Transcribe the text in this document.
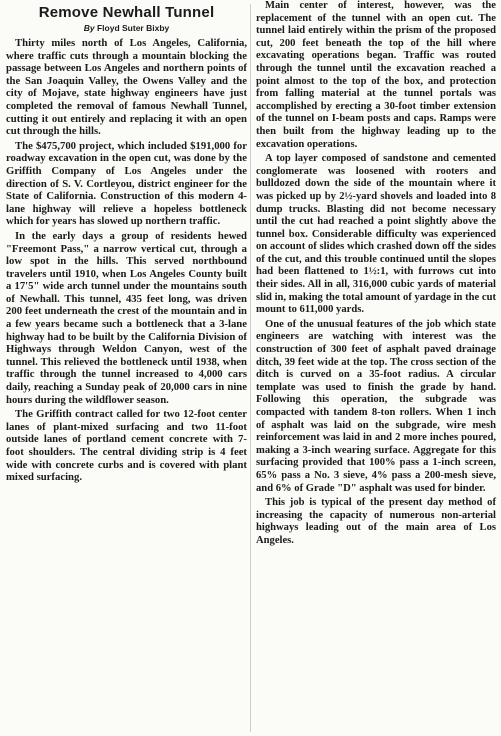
Remove Newhall Tunnel
By Floyd Suter Bixby

Thirty miles north of Los Angeles, California, where traffic cuts through a mountain blocking the passage between Los Angeles and northern points of the San Joaquin Valley, the Owens Valley and the city of Mojave, state highway engineers have just completed the removal of famous Newhall Tunnel, cutting it out entirely and replacing it with an open cut through the hills.

The $475,700 project, which included $191,000 for roadway excavation in the open cut, was done by the Griffith Company of Los Angeles under the direction of S. V. Cortleyou, district engineer for the State of California. Construction of this modern 4-lane highway will relieve a hopeless bottleneck which for years has slowed up northern traffic.

In the early days a group of residents hewed "Freemont Pass," a narrow vertical cut, through a low spot in the hills. This served northbound travelers until 1910, when Los Angeles County built a 17'5" wide arch tunnel under the mountains south of Newhall. This tunnel, 435 feet long, was driven 200 feet underneath the crest of the mountain and in a few years became such a bottleneck that a 3-lane highway had to be built by the California Division of Highways through Weldon Canyon, west of the tunnel. This relieved the bottleneck until 1938, when traffic through the tunnel increased to 4,000 cars daily, reaching a Sunday peak of 20,000 cars in nine hours during the wildflower season.

The Griffith contract called for two 12-foot center lanes of plant-mixed surfacing and two 11-foot outside lanes of portland cement concrete with 7-foot shoulders. The central dividing strip is 4 feet wide with concrete curbs and is covered with plant mixed surfacing.

Main center of interest, however, was the replacement of the tunnel with an open cut. The tunnel laid entirely within the prism of the proposed cut, 200 feet beneath the top of the hill where excavating operations began. Traffic was routed through the tunnel until the excavation reached a point almost to the top of the box, and protection from falling material at the tunnel portals was accomplished by erecting a 30-foot timber extension of the tunnel on I-beam posts and caps. Ramps were then built from the highway leading up to the excavation operations.

A top layer composed of sandstone and cemented conglomerate was loosened with rooters and bulldozed down the side of the mountain where it was picked up by 2½-yard shovels and loaded into 8 dump trucks. Blasting did not become necessary until the cut had reached a point slightly above the tunnel box. Considerable difficulty was experienced on account of slides which crashed down off the sides of the cut, and this trouble continued until the slopes had been flattened to 1½:1, with furrows cut into their sides. All in all, 316,000 cubic yards of material slid in, making the total amount of yardage in the cut mount to 611,000 yards.

One of the unusual features of the job which state engineers are watching with interest was the construction of 300 feet of asphalt paved drainage ditch, 39 feet wide at the top. The cross section of the ditch is curved on a 35-foot radius. A circular template was used to finish the grade by hand. Following this operation, the subgrade was compacted with tandem 8-ton rollers. When 1 inch of asphalt was laid on the subgrade, wire mesh reinforcement was laid in and 2 more inches poured, making a 3-inch wearing surface. Aggregate for this surfacing provided that 100% pass a 1-inch screen, 65% pass a No. 3 sieve, 4% pass a 200-mesh sieve, and 6% of Grade "D" asphalt was used for binder.

This job is typical of the present day method of increasing the capacity of numerous non-arterial highways leading out of the main area of Los Angeles.
